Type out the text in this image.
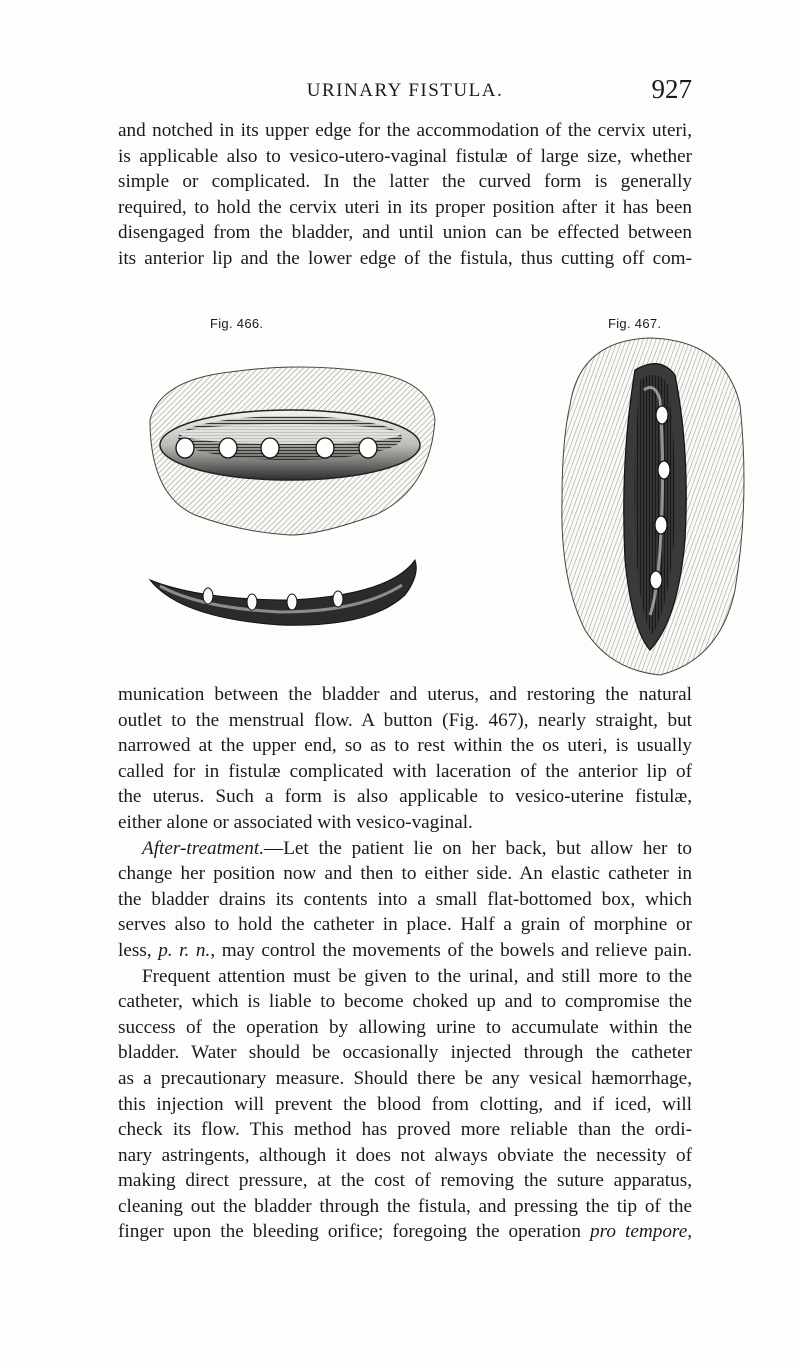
URINARY FISTULA.	927
and notched in its upper edge for the accommodation of the cervix uteri,
is applicable also to vesico-utero-vaginal fistulæ of large size, whether
simple or complicated. In the latter the curved form is generally
required, to hold the cervix uteri in its proper position after it has been
disengaged from the bladder, and until union can be effected between
its anterior lip and the lower edge of the fistula, thus cutting off com-
Fig. 466.	Fig. 467.
munication between the bladder and uterus, and restoring the natural
outlet to the menstrual flow. A button (Fig. 467), nearly straight, but
narrowed at the upper end, so as to rest within the os uteri, is usually
called for in fistulæ complicated with laceration of the anterior lip of
the uterus. Such a form is also applicable to vesico-uterine fistulæ,
either alone or associated with vesico-vaginal.
After-treatment.—Let the patient lie on her back, but allow her to
change her position now and then to either side. An elastic catheter in
the bladder drains its contents into a small flat-bottomed box, which
serves also to hold the catheter in place. Half a grain of morphine or
less, p. r. n., may control the movements of the bowels and relieve pain.
Frequent attention must be given to the urinal, and still more to the
catheter, which is liable to become choked up and to compromise the
success of the operation by allowing urine to accumulate within the
bladder. Water should be occasionally injected through the catheter
as a precautionary measure. Should there be any vesical hæmorrhage,
this injection will prevent the blood from clotting, and if iced, will
check its flow. This method has proved more reliable than the ordi-
nary astringents, although it does not always obviate the necessity of
making direct pressure, at the cost of removing the suture apparatus,
cleaning out the bladder through the fistula, and pressing the tip of the
finger upon the bleeding orifice; foregoing the operation pro tempore,
